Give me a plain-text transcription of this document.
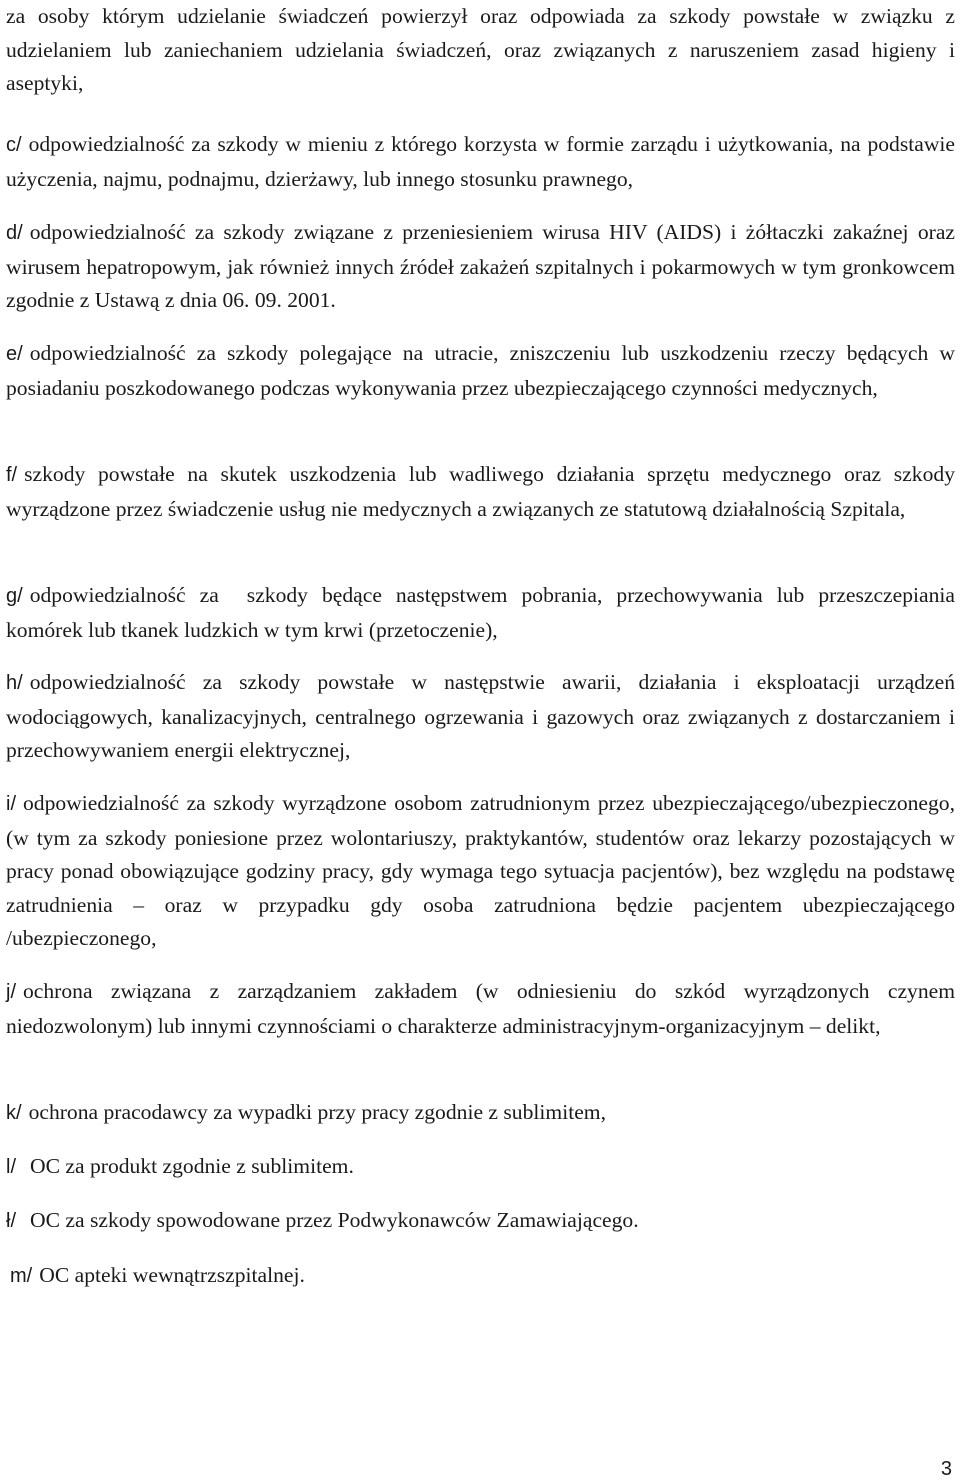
za osoby którym udzielanie świadczeń powierzył oraz odpowiada za szkody powstałe w związku z udzielaniem lub zaniechaniem udzielania świadczeń, oraz związanych z naruszeniem zasad higieny i aseptyki,

c/ odpowiedzialność za szkody w mieniu z którego korzysta w formie zarządu i użytkowania, na podstawie użyczenia, najmu, podnajmu, dzierżawy, lub innego stosunku prawnego,

d/ odpowiedzialność za szkody związane z przeniesieniem wirusa HIV (AIDS) i żółtaczki zakaźnej oraz wirusem hepatropowym, jak również innych źródeł zakażeń szpitalnych i pokarmowych w tym gronkowcem zgodnie z Ustawą z dnia 06. 09. 2001.

e/ odpowiedzialność za szkody polegające na utracie, zniszczeniu lub uszkodzeniu rzeczy będących w posiadaniu poszkodowanego podczas wykonywania przez ubezpieczającego czynności medycznych,

f/ szkody powstałe na skutek uszkodzenia lub wadliwego działania sprzętu medycznego oraz szkody wyrządzone przez świadczenie usług nie medycznych a związanych ze statutową działalnością Szpitala,

g/ odpowiedzialność za  szkody będące następstwem pobrania, przechowywania lub przeszczepiania komórek lub tkanek ludzkich w tym krwi (przetoczenie),

h/ odpowiedzialność za szkody powstałe w następstwie awarii, działania i eksploatacji urządzeń wodociągowych, kanalizacyjnych, centralnego ogrzewania i gazowych oraz związanych z dostarczaniem i przechowywaniem energii elektrycznej,

i/ odpowiedzialność za szkody wyrządzone osobom zatrudnionym przez ubezpieczającego/ubezpieczonego, (w tym za szkody poniesione przez wolontariuszy, praktykantów, studentów oraz lekarzy pozostających w pracy ponad obowiązujące godziny pracy, gdy wymaga tego sytuacja pacjentów), bez względu na podstawę zatrudnienia – oraz w przypadku gdy osoba zatrudniona będzie pacjentem ubezpieczającego /ubezpieczonego,

j/ ochrona związana z zarządzaniem zakładem (w odniesieniu do szkód wyrządzonych czynem niedozwolonym) lub innymi czynnościami o charakterze administracyjnym-organizacyjnym – delikt,

k/ ochrona pracodawcy za wypadki przy pracy zgodnie z sublimitem,

l/ OC za produkt zgodnie z sublimitem.

ł/ OC za szkody spowodowane przez Podwykonawców Zamawiającego.

m/ OC apteki wewnątrzszpitalnej.

3
